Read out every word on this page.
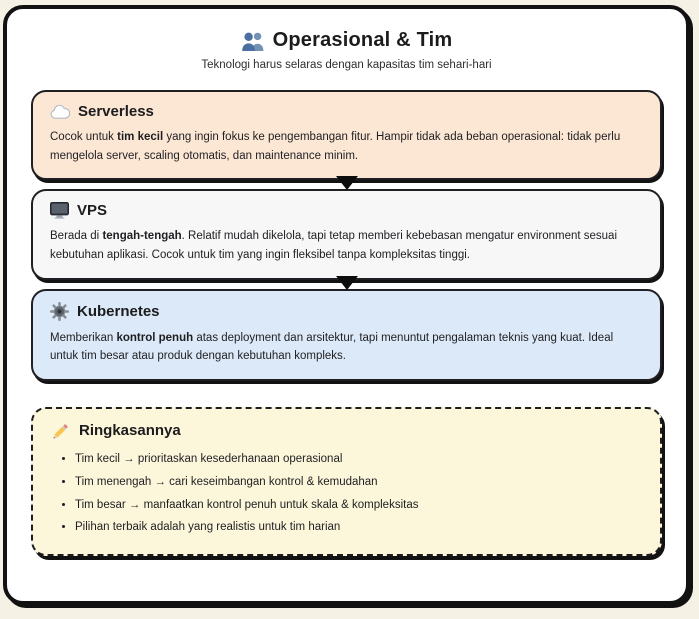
Operasional & Tim
Teknologi harus selaras dengan kapasitas tim sehari-hari
Serverless

Cocok untuk tim kecil yang ingin fokus ke pengembangan fitur. Hampir tidak ada beban operasional: tidak perlu mengelola server, scaling otomatis, dan maintenance minim.

VPS

Berada di tengah-tengah. Relatif mudah dikelola, tapi tetap memberi kebebasan mengatur environment sesuai kebutuhan aplikasi. Cocok untuk tim yang ingin fleksibel tanpa kompleksitas tinggi.

Kubernetes

Memberikan kontrol penuh atas deployment dan arsitektur, tapi menuntut pengalaman teknis yang kuat. Ideal untuk tim besar atau produk dengan kebutuhan kompleks.

Ringkasannya
• Tim kecil → prioritaskan kesederhanaan operasional
• Tim menengah → cari keseimbangan kontrol & kemudahan
• Tim besar → manfaatkan kontrol penuh untuk skala & kompleksitas
• Pilihan terbaik adalah yang realistis untuk tim harian
